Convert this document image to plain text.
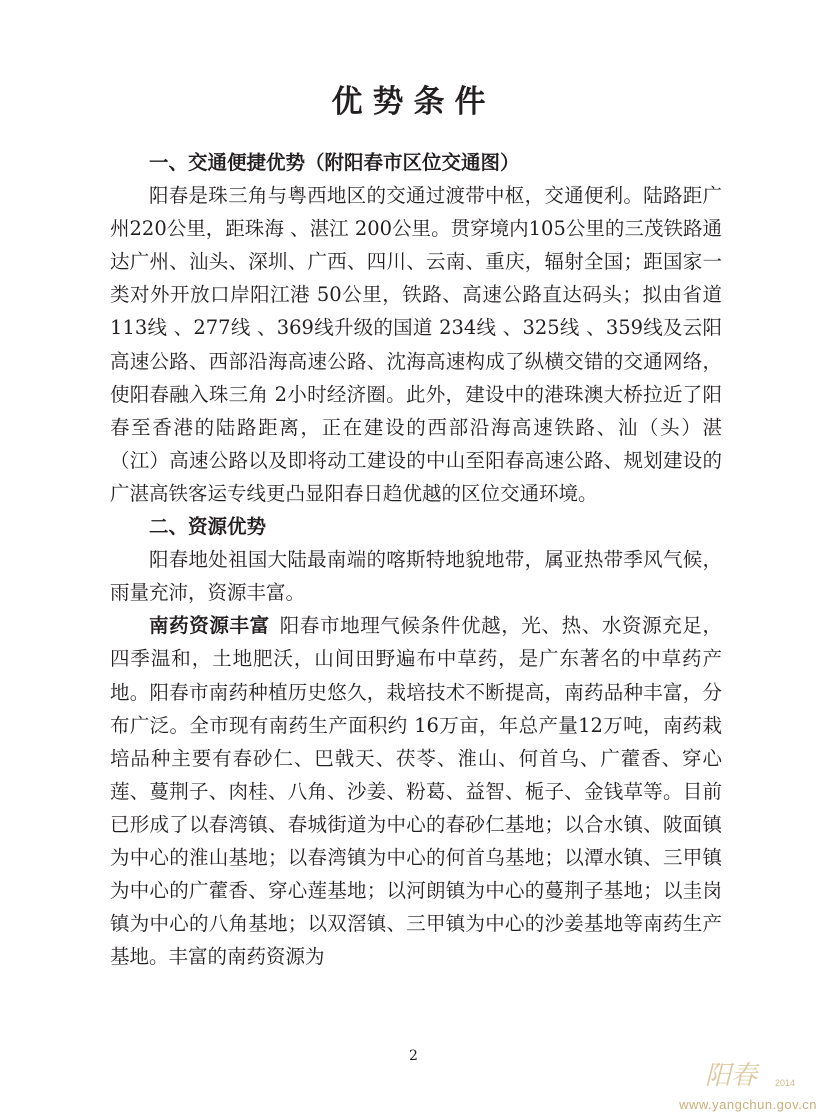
优势条件

一、交通便捷优势（附阳春市区位交通图）

阳春是珠三角与粤西地区的交通过渡带中枢，交通便利。陆路距广州220公里，距珠海 、湛江 200公里。贯穿境内105公里的三茂铁路通达广州、汕头、深圳、广西、四川、云南、重庆，辐射全国；距国家一类对外开放口岸阳江港 50公里，铁路、高速公路直达码头；拟由省道113线 、277线 、369线升级的国道 234线 、325线 、359线及云阳高速公路、西部沿海高速公路、沈海高速构成了纵横交错的交通网络，使阳春融入珠三角 2小时经济圈。此外，建设中的港珠澳大桥拉近了阳春至香港的陆路距离，正在建设的西部沿海高速铁路、汕（头）湛（江）高速公路以及即将动工建设的中山至阳春高速公路、规划建设的广湛高铁客运专线更凸显阳春日趋优越的区位交通环境。

二、资源优势

阳春地处祖国大陆最南端的喀斯特地貌地带，属亚热带季风气候，雨量充沛，资源丰富。

南药资源丰富 阳春市地理气候条件优越，光、热、水资源充足，四季温和，土地肥沃，山间田野遍布中草药，是广东著名的中草药产地。阳春市南药种植历史悠久，栽培技术不断提高，南药品种丰富，分布广泛。全市现有南药生产面积约 16万亩，年总产量12万吨，南药栽培品种主要有春砂仁、巴戟天、茯苓、淮山、何首乌、广藿香、穿心莲、蔓荆子、肉桂、八角、沙姜、粉葛、益智、栀子、金钱草等。目前已形成了以春湾镇、春城街道为中心的春砂仁基地；以合水镇、陂面镇为中心的淮山基地；以春湾镇为中心的何首乌基地；以潭水镇、三甲镇为中心的广藿香、穿心莲基地；以河朗镇为中心的蔓荆子基地；以圭岗镇为中心的八角基地；以双滘镇、三甲镇为中心的沙姜基地等南药生产基地。丰富的南药资源为

2
阳春 2014
www.yangchun.gov.cn
